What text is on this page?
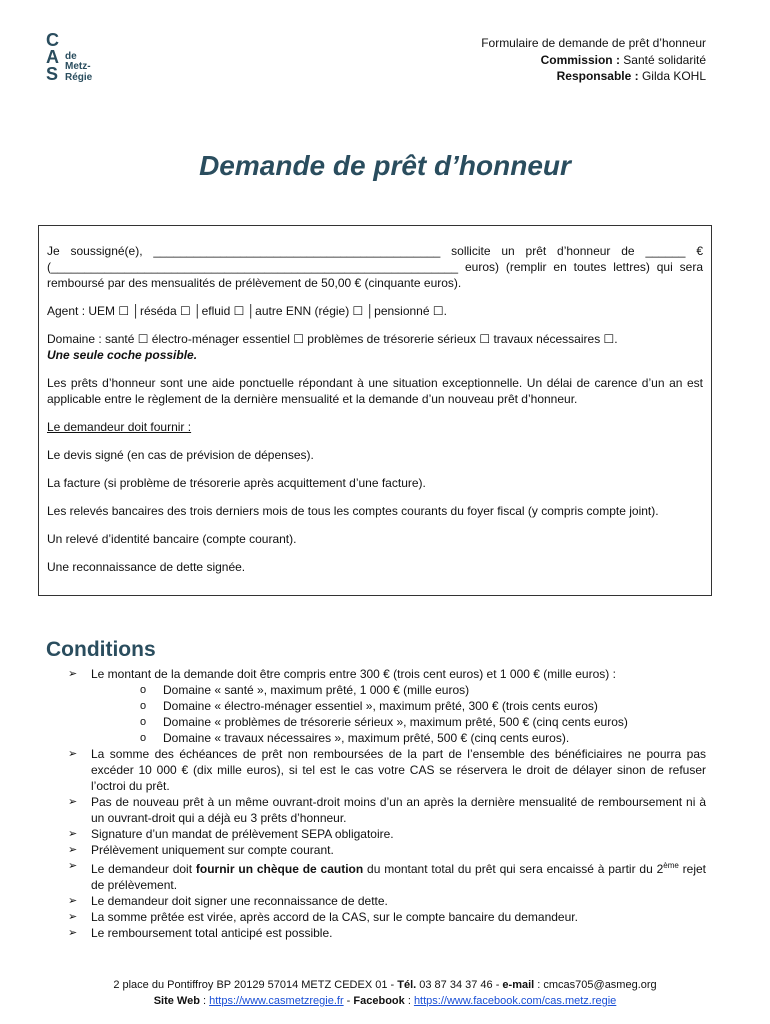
C
A
S
de
Metz-
Régie
Formulaire de demande de prêt d’honneur
Commission : Santé solidarité
Responsable : Gilda KOHL
Demande de prêt d’honneur

Je soussigné(e), ___________________________________________ sollicite un prêt d’honneur de ______ € (_____________________________________________________________ euros) (remplir en toutes lettres) qui sera remboursé par des mensualités de prélèvement de 50,00 € (cinquante euros).

Agent : UEM ☐ │réséda ☐ │efluid ☐ │autre ENN (régie) ☐ │pensionné ☐.

Domaine : santé ☐ électro-ménager essentiel ☐ problèmes de trésorerie sérieux ☐ travaux nécessaires ☐.
Une seule coche possible.

Les prêts d’honneur sont une aide ponctuelle répondant à une situation exceptionnelle. Un délai de carence d’un an est applicable entre le règlement de la dernière mensualité et la demande d’un nouveau prêt d’honneur.

Le demandeur doit fournir :

Le devis signé (en cas de prévision de dépenses).

La facture (si problème de trésorerie après acquittement d’une facture).

Les relevés bancaires des trois derniers mois de tous les comptes courants du foyer fiscal (y compris compte joint).

Un relevé d’identité bancaire (compte courant).

Une reconnaissance de dette signée.

Conditions
➢ Le montant de la demande doit être compris entre 300 € (trois cent euros) et 1 000 € (mille euros) :
o Domaine « santé », maximum prêté, 1 000 € (mille euros)
o Domaine « électro-ménager essentiel », maximum prêté, 300 € (trois cents euros)
o Domaine « problèmes de trésorerie sérieux », maximum prêté, 500 € (cinq cents euros)
o Domaine « travaux nécessaires », maximum prêté, 500 € (cinq cents euros).
➢ La somme des échéances de prêt non remboursées de la part de l’ensemble des bénéficiaires ne pourra pas excéder 10 000 € (dix mille euros), si tel est le cas votre CAS se réservera le droit de délayer sinon de refuser l’octroi du prêt.
➢ Pas de nouveau prêt à un même ouvrant-droit moins d’un an après la dernière mensualité de remboursement ni à un ouvrant-droit qui a déjà eu 3 prêts d’honneur.
➢ Signature d’un mandat de prélèvement SEPA obligatoire.
➢ Prélèvement uniquement sur compte courant.
➢ Le demandeur doit fournir un chèque de caution du montant total du prêt qui sera encaissé à partir du 2ème rejet de prélèvement.
➢ Le demandeur doit signer une reconnaissance de dette.
➢ La somme prêtée est virée, après accord de la CAS, sur le compte bancaire du demandeur.
➢ Le remboursement total anticipé est possible.
2 place du Pontiffroy BP 20129 57014 METZ CEDEX 01 - Tél. 03 87 34 37 46 - e-mail : cmcas705@asmeg.org
Site Web : https://www.casmetzregie.fr - Facebook : https://www.facebook.com/cas.metz.regie
